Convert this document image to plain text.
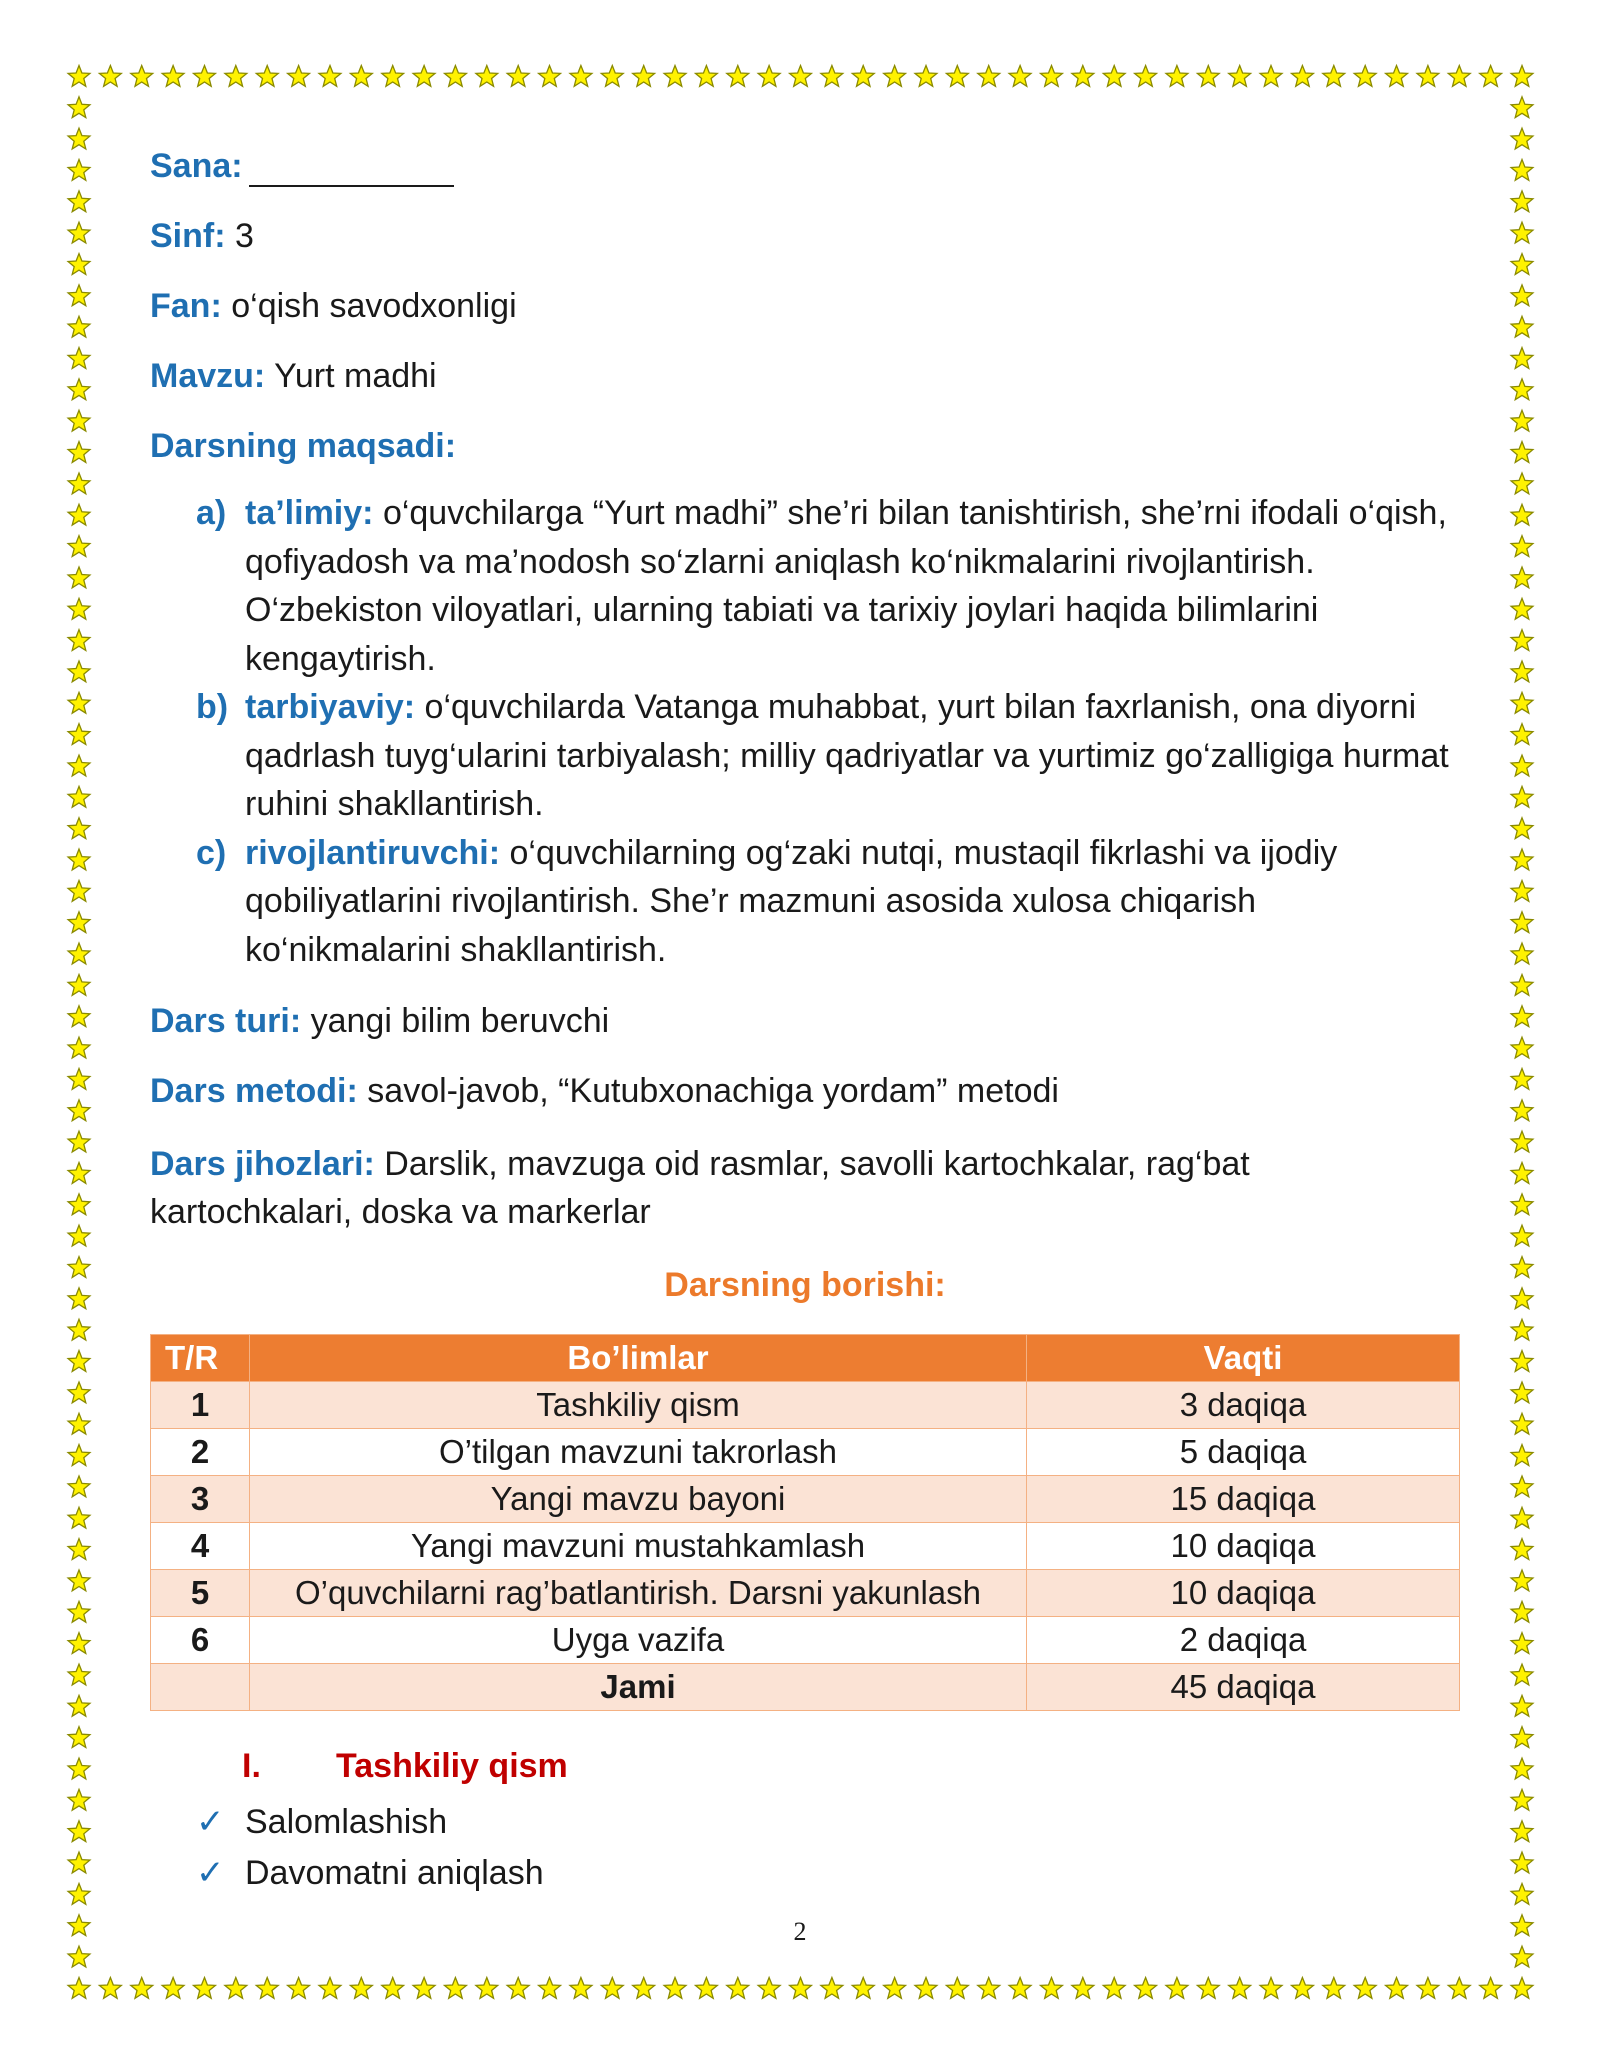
Sana:
Sinf: 3
Fan: o‘qish savodxonligi
Mavzu: Yurt madhi
Darsning maqsadi:
a) ta’limiy: o‘quvchilarga “Yurt madhi” she’ri bilan tanishtirish, she’rni ifodali o‘qish, qofiyadosh va ma’nodosh so‘zlarni aniqlash ko‘nikmalarini rivojlantirish. O‘zbekiston viloyatlari, ularning tabiati va tarixiy joylari haqida bilimlarini kengaytirish.
b) tarbiyaviy: o‘quvchilarda Vatanga muhabbat, yurt bilan faxrlanish, ona diyorni qadrlash tuyg‘ularini tarbiyalash; milliy qadriyatlar va yurtimiz go‘zalligiga hurmat ruhini shakllantirish.
c) rivojlantiruvchi: o‘quvchilarning og‘zaki nutqi, mustaqil fikrlashi va ijodiy qobiliyatlarini rivojlantirish. She’r mazmuni asosida xulosa chiqarish ko‘nikmalarini shakllantirish.
Dars turi: yangi bilim beruvchi
Dars metodi: savol-javob, “Kutubxonachiga yordam” metodi
Dars jihozlari: Darslik, mavzuga oid rasmlar, savolli kartochkalar, rag‘bat kartochkalari, doska va markerlar
Darsning borishi:
T/R	Bo’limlar	Vaqti
1	Tashkiliy qism	3 daqiqa
2	O’tilgan mavzuni takrorlash	5 daqiqa
3	Yangi mavzu bayoni	15 daqiqa
4	Yangi mavzuni mustahkamlash	10 daqiqa
5	O’quvchilarni rag’batlantirish. Darsni yakunlash	10 daqiqa
6	Uyga vazifa	2 daqiqa
	Jami	45 daqiqa
I. Tashkiliy qism
✓ Salomlashish
✓ Davomatni aniqlash
2
